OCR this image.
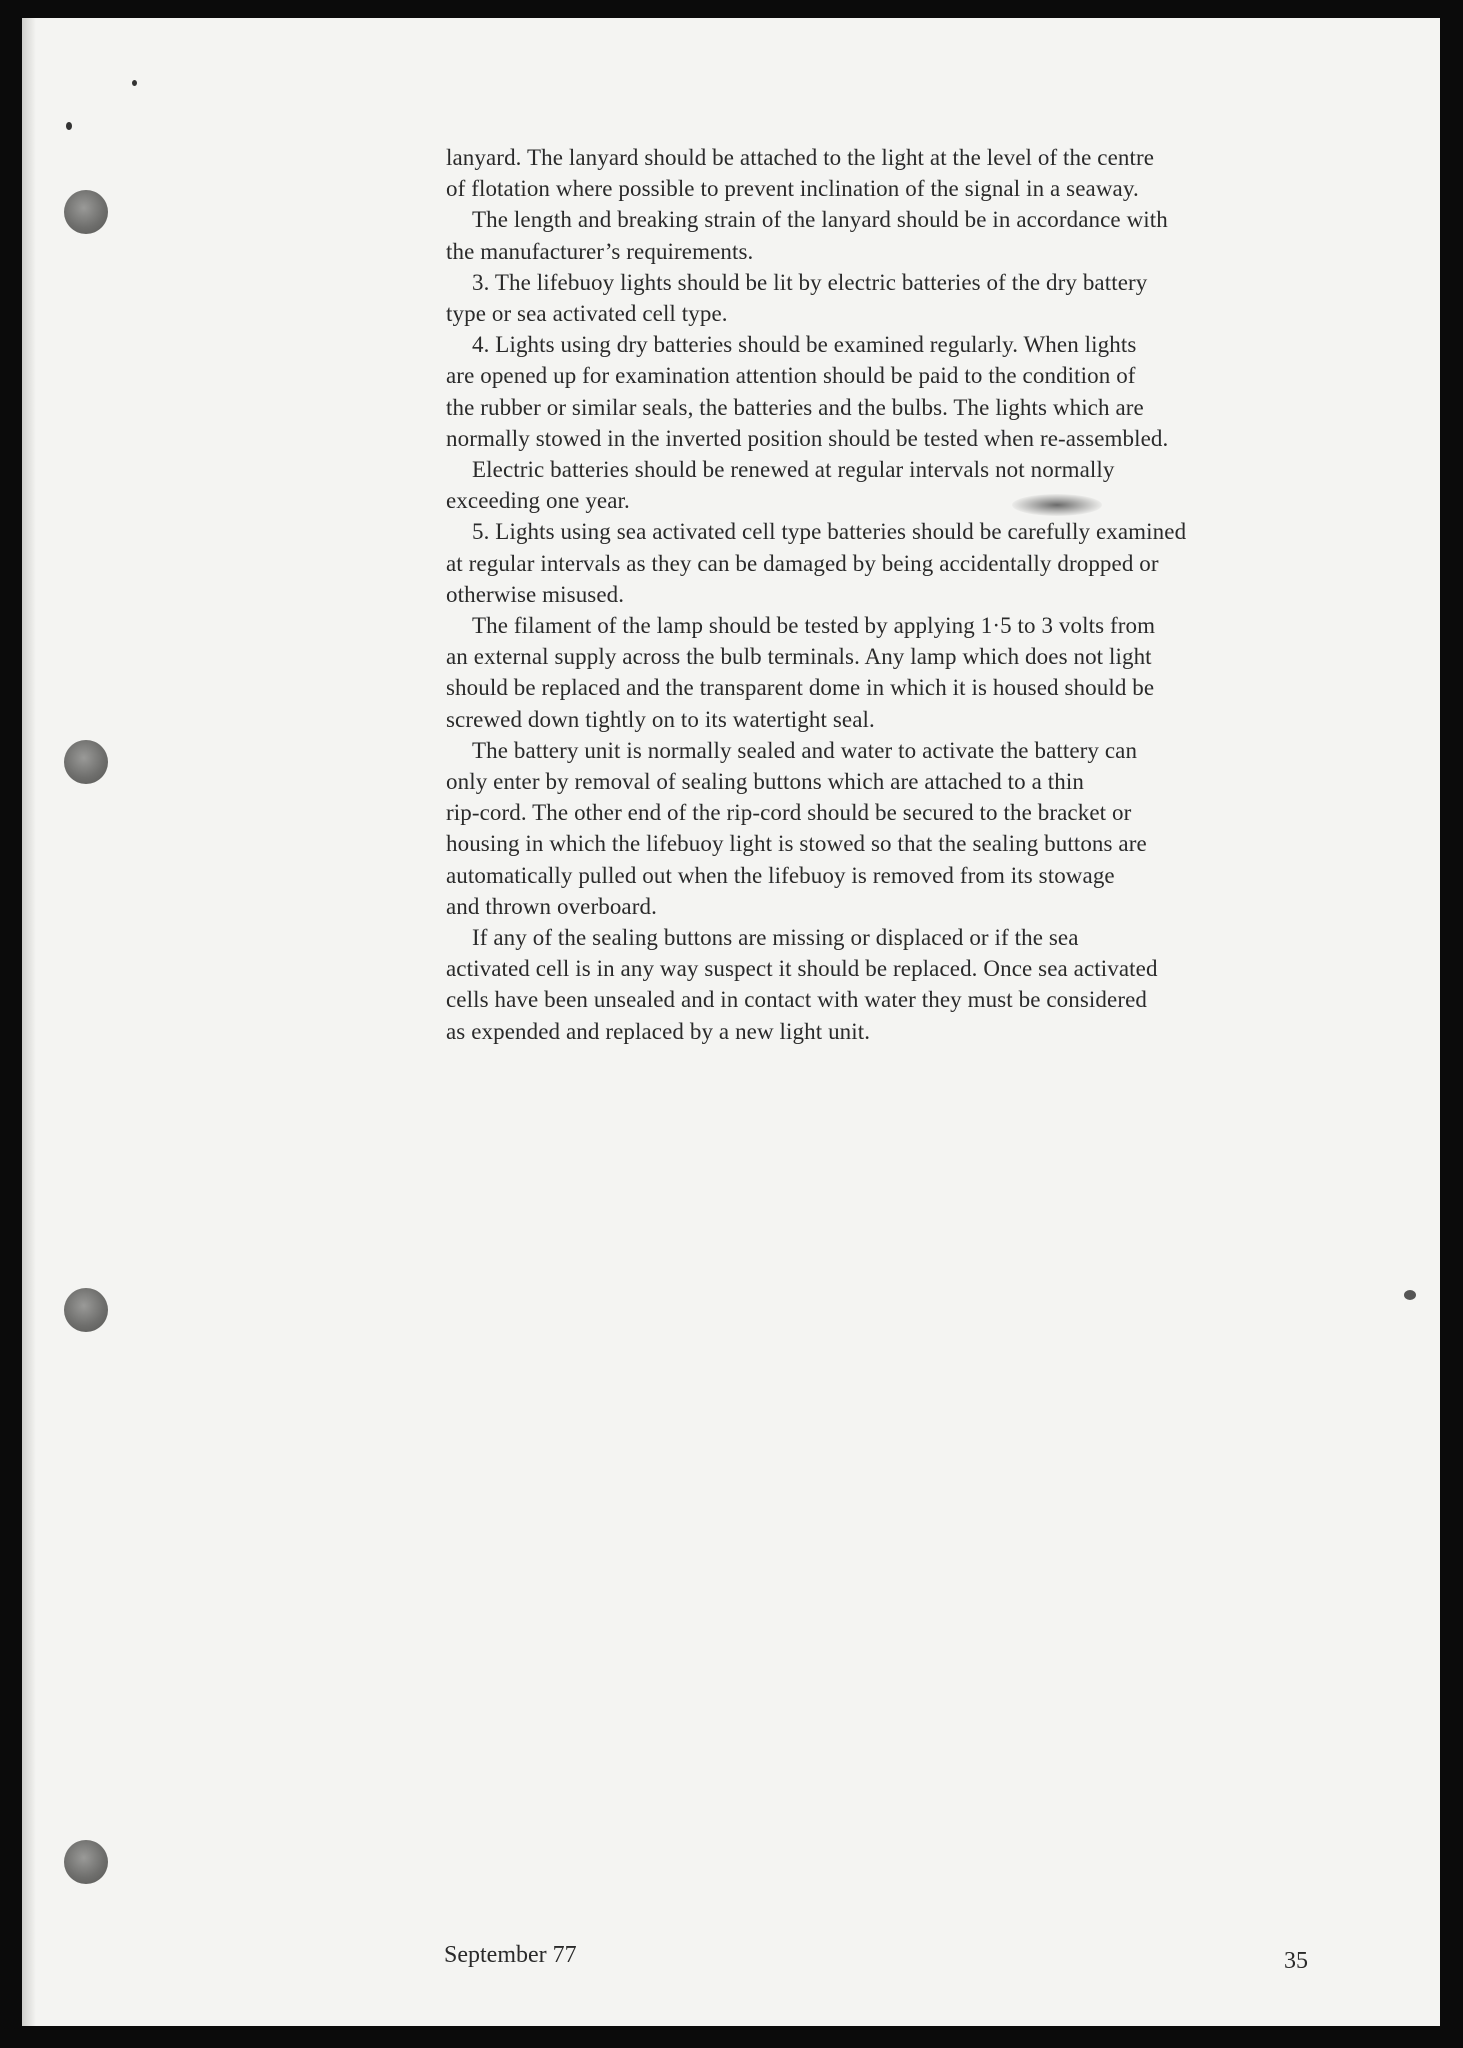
lanyard. The lanyard should be attached to the light at the level of the centre
of flotation where possible to prevent inclination of the signal in a seaway.
The length and breaking strain of the lanyard should be in accordance with
the manufacturer’s requirements.
3. The lifebuoy lights should be lit by electric batteries of the dry battery
type or sea activated cell type.
4. Lights using dry batteries should be examined regularly. When lights
are opened up for examination attention should be paid to the condition of
the rubber or similar seals, the batteries and the bulbs. The lights which are
normally stowed in the inverted position should be tested when re-assembled.
Electric batteries should be renewed at regular intervals not normally
exceeding one year.
5. Lights using sea activated cell type batteries should be carefully examined
at regular intervals as they can be damaged by being accidentally dropped or
otherwise misused.
The filament of the lamp should be tested by applying 1·5 to 3 volts from
an external supply across the bulb terminals. Any lamp which does not light
should be replaced and the transparent dome in which it is housed should be
screwed down tightly on to its watertight seal.
The battery unit is normally sealed and water to activate the battery can
only enter by removal of sealing buttons which are attached to a thin
rip-cord. The other end of the rip-cord should be secured to the bracket or
housing in which the lifebuoy light is stowed so that the sealing buttons are
automatically pulled out when the lifebuoy is removed from its stowage
and thrown overboard.
If any of the sealing buttons are missing or displaced or if the sea
activated cell is in any way suspect it should be replaced. Once sea activated
cells have been unsealed and in contact with water they must be considered
as expended and replaced by a new light unit.
September 77	35
